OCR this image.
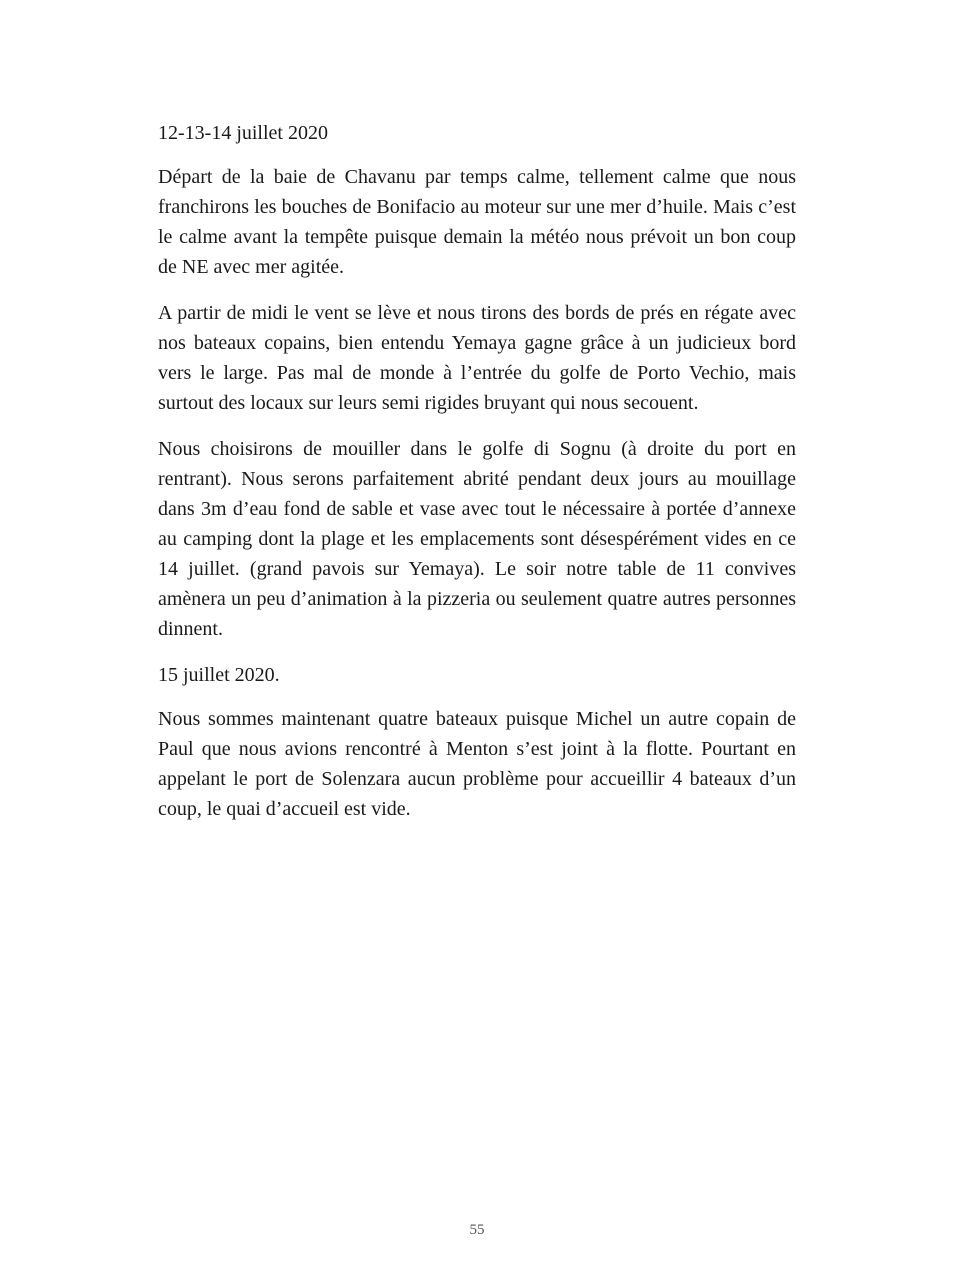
12-13-14 juillet 2020

Départ de la baie de Chavanu par temps calme, tellement calme que nous franchirons les bouches de Bonifacio au moteur sur une mer d’huile. Mais c’est le calme avant la tempête puisque demain la météo nous prévoit un bon coup de NE avec mer agitée.

A partir de midi le vent se lève et nous tirons des bords de prés en régate avec nos bateaux copains, bien entendu Yemaya gagne grâce à un judicieux bord vers le large. Pas mal de monde à l’entrée du golfe de Porto Vechio, mais surtout des locaux sur leurs semi rigides bruyant qui nous secouent.

Nous choisirons de mouiller dans le golfe di Sognu (à droite du port en rentrant). Nous serons parfaitement abrité pendant deux jours au mouillage dans 3m d’eau fond de sable et vase avec tout le nécessaire à portée d’annexe au camping dont la plage et les emplacements sont désespérément vides en ce 14 juillet. (grand pavois sur Yemaya). Le soir notre table de 11 convives amènera un peu d’animation à la pizzeria ou seulement quatre autres personnes dinnent.

15 juillet 2020.

Nous sommes maintenant quatre bateaux puisque Michel un autre copain de Paul que nous avions rencontré à Menton s’est joint à la flotte. Pourtant en appelant le port de Solenzara aucun problème pour accueillir 4 bateaux d’un coup, le quai d’accueil est vide.

55
